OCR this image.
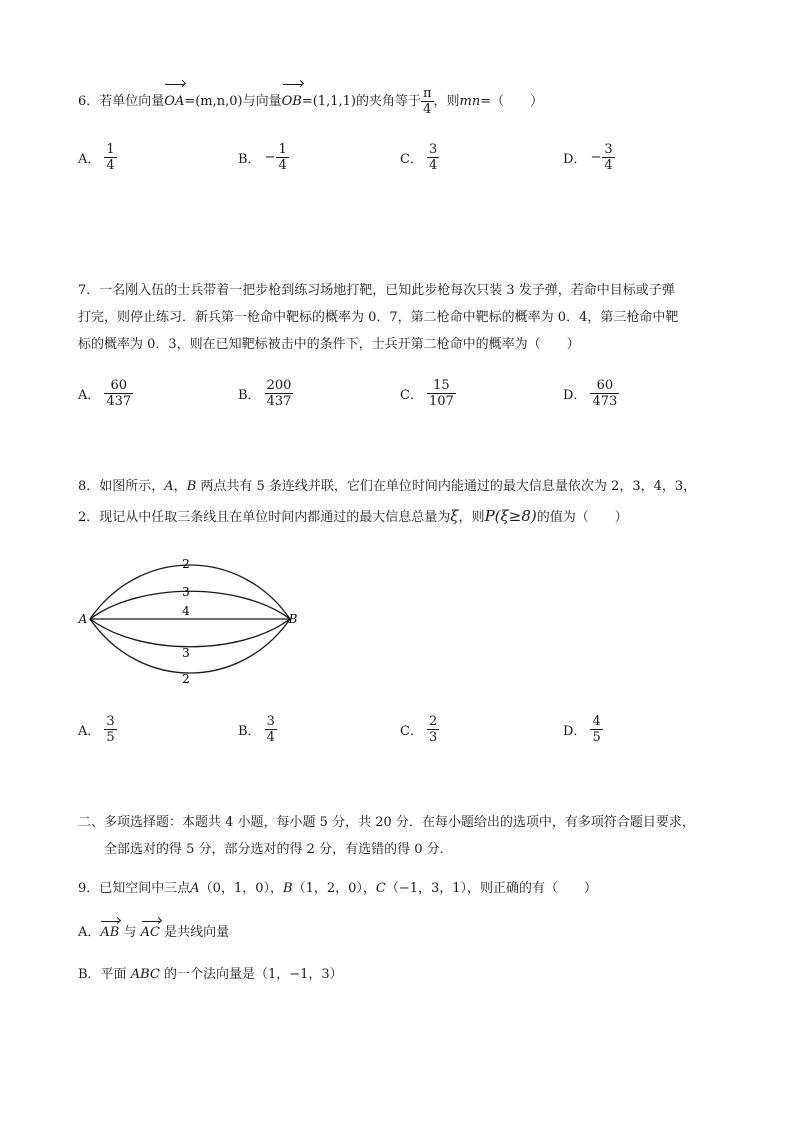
6．若单位向量OA=(m,n,0)与向量OB=(1,1,1)的夹角等于 $\frac{\pi}{4}$ ，则mn=（　　）
A． $\frac{1}{4}$	B． − $\frac{1}{4}$	C． $\frac{3}{4}$	D． − $\frac{3}{4}$
7．一名刚入伍的士兵带着一把步枪到练习场地打靶，已知此步枪每次只装 3 发子弹，若命中目标或子弹
打完，则停止练习．新兵第一枪命中靶标的概率为 0．7，第二枪命中靶标的概率为 0．4，第三枪命中靶
标的概率为 0．3，则在已知靶标被击中的条件下，士兵开第二枪命中的概率为（　　）
A． $\frac{60}{437}$	B． $\frac{200}{437}$	C． $\frac{15}{107}$	D． $\frac{60}{473}$
8．如图所示，A，B 两点共有 5 条连线并联，它们在单位时间内能通过的最大信息量依次为 2，3，4，3，
2．现记从中任取三条线且在单位时间内都通过的最大信息总量为ξ，则P(ξ≥8)的值为（　　）
A	B
2
3
4
3
2
A． $\frac{3}{5}$	B． $\frac{3}{4}$	C． $\frac{2}{3}$	D． $\frac{4}{5}$
二、多项选择题：本题共 4 小题，每小题 5 分，共 20 分．在每小题给出的选项中，有多项符合题目要求，
全部选对的得 5 分，部分选对的得 2 分，有选错的得 0 分．
9．已知空间中三点A（0，1，0），B（1，2，0），C（−1，3，1），则正确的有（　　）
A．AB 与 AC 是共线向量
B．平面 ABC 的一个法向量是（1，−1，3）
